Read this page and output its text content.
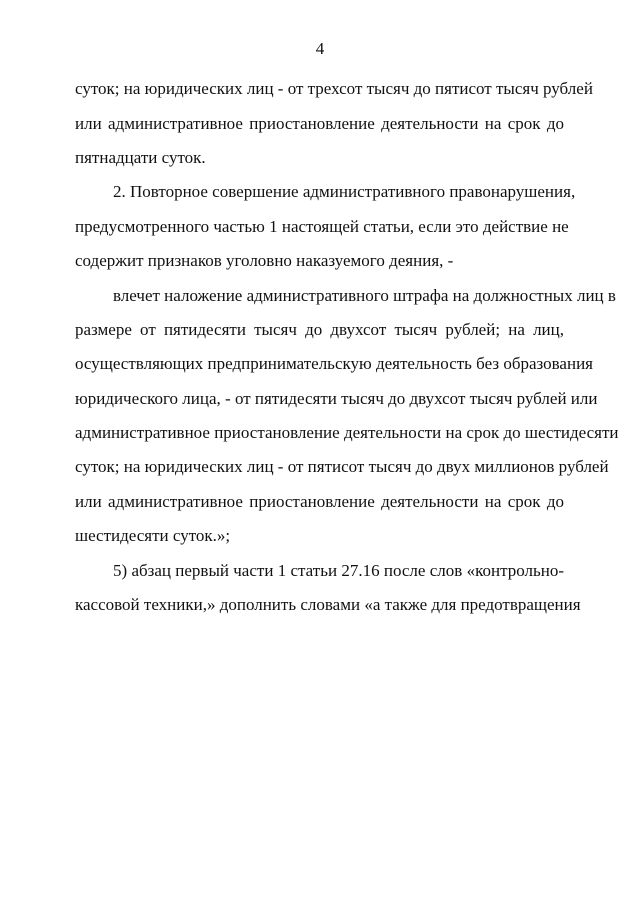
4
суток; на юридических лиц - от трехсот тысяч до пятисот тысяч рублей
или административное приостановление деятельности на срок до
пятнадцати суток.
2. Повторное совершение административного правонарушения,
предусмотренного частью 1 настоящей статьи, если это действие не
содержит признаков уголовно наказуемого деяния, -
влечет наложение административного штрафа на должностных лиц в
размере от пятидесяти тысяч до двухсот тысяч рублей; на лиц,
осуществляющих предпринимательскую деятельность без образования
юридического лица, - от пятидесяти тысяч до двухсот тысяч рублей или
административное приостановление деятельности на срок до шестидесяти
суток; на юридических лиц - от пятисот тысяч до двух миллионов рублей
или административное приостановление деятельности на срок до
шестидесяти суток.»;
5) абзац первый части 1 статьи 27.16 после слов «контрольно-
кассовой техники,» дополнить словами «а также для предотвращения
